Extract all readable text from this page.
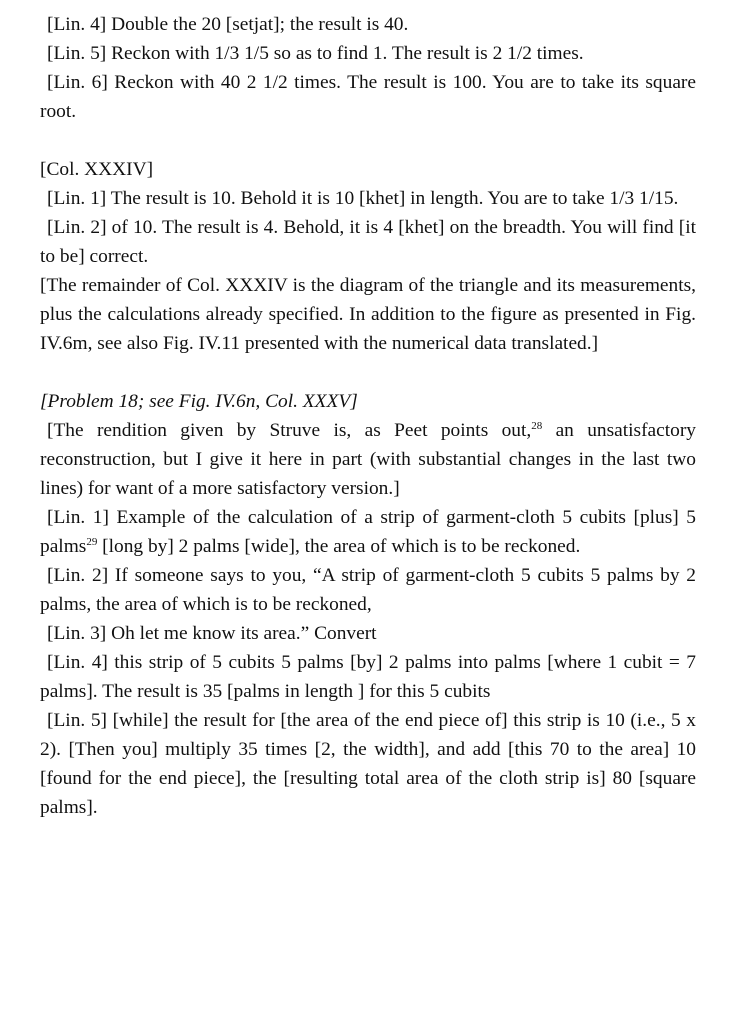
[Lin. 4] Double the 20 [setjat]; the result is 40.

[Lin. 5] Reckon with 1/3 1/5 so as to find 1. The result is 2 1/2 times.

[Lin. 6] Reckon with 40 2 1/2 times. The result is 100. You are to take its square root.

[Col. XXXIV]

[Lin. 1] The result is 10. Behold it is 10 [khet] in length. You are to take 1/3 1/15.

[Lin. 2] of 10. The result is 4. Behold, it is 4 [khet] on the breadth. You will find [it to be] correct.

[The remainder of Col. XXXIV is the diagram of the triangle and its measurements, plus the calculations already specified. In addition to the figure as presented in Fig. IV.6m, see also Fig. IV.11 presented with the numerical data translated.]

[Problem 18; see Fig. IV.6n, Col. XXXV]

[The rendition given by Struve is, as Peet points out,$^{28}$ an unsatisfactory reconstruction, but I give it here in part (with substantial changes in the last two lines) for want of a more satisfactory version.]

[Lin. 1] Example of the calculation of a strip of garment-cloth 5 cubits [plus] 5 palms$^{29}$ [long by] 2 palms [wide], the area of which is to be reckoned.

[Lin. 2] If someone says to you, “A strip of garment-cloth 5 cubits 5 palms by 2 palms, the area of which is to be reckoned,

[Lin. 3] Oh let me know its area.” Convert

[Lin. 4] this strip of 5 cubits 5 palms [by] 2 palms into palms [where 1 cubit = 7 palms]. The result is 35 [palms in length ] for this 5 cubits

[Lin. 5] [while] the result for [the area of the end piece of] this strip is 10 (i.e., 5 x 2). [Then you] multiply 35 times [2, the width], and add [this 70 to the area] 10 [found for the end piece], the [resulting total area of the cloth strip is] 80 [square palms].
